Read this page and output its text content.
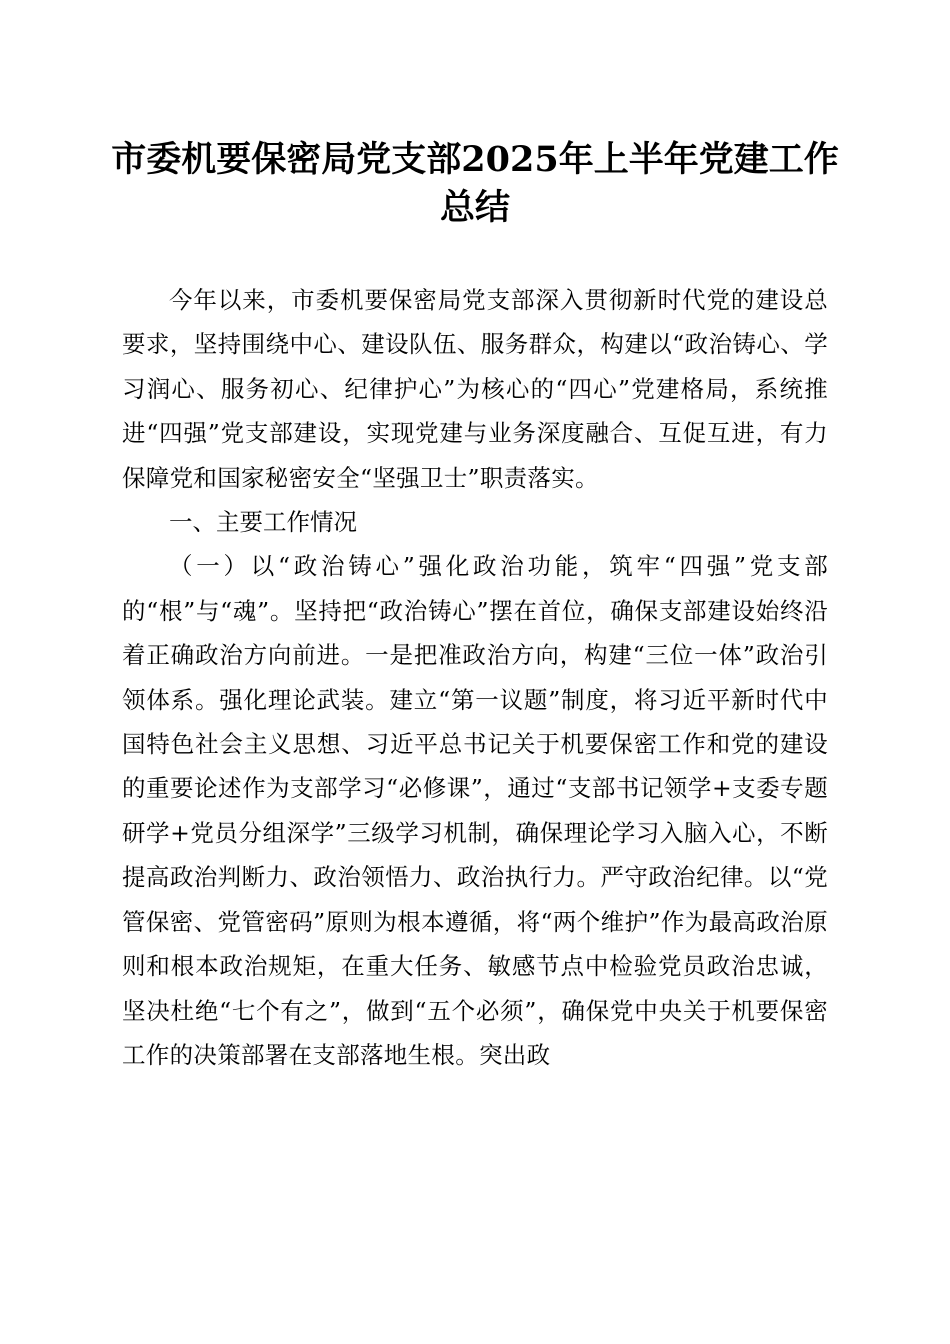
市委机要保密局党支部2025年上半年党建工作总结

今年以来，市委机要保密局党支部深入贯彻新时代党的建设总要求，坚持围绕中心、建设队伍、服务群众，构建以“政治铸心、学习润心、服务初心、纪律护心”为核心的“四心”党建格局，系统推进“四强”党支部建设，实现党建与业务深度融合、互促互进，有力保障党和国家秘密安全“坚强卫士”职责落实。

一、主要工作情况

（一）以“政治铸心”强化政治功能，筑牢“四强”党支部的“根”与“魂”。坚持把“政治铸心”摆在首位，确保支部建设始终沿着正确政治方向前进。一是把准政治方向，构建“三位一体”政治引领体系。强化理论武装。建立“第一议题”制度，将习近平新时代中国特色社会主义思想、习近平总书记关于机要保密工作和党的建设的重要论述作为支部学习“必修课”，通过“支部书记领学+支委专题研学+党员分组深学”三级学习机制，确保理论学习入脑入心，不断提高政治判断力、政治领悟力、政治执行力。严守政治纪律。以“党管保密、党管密码”原则为根本遵循，将“两个维护”作为最高政治原则和根本政治规矩，在重大任务、敏感节点中检验党员政治忠诚，坚决杜绝“七个有之”，做到“五个必须”，确保党中央关于机要保密工作的决策部署在支部落地生根。突出政
